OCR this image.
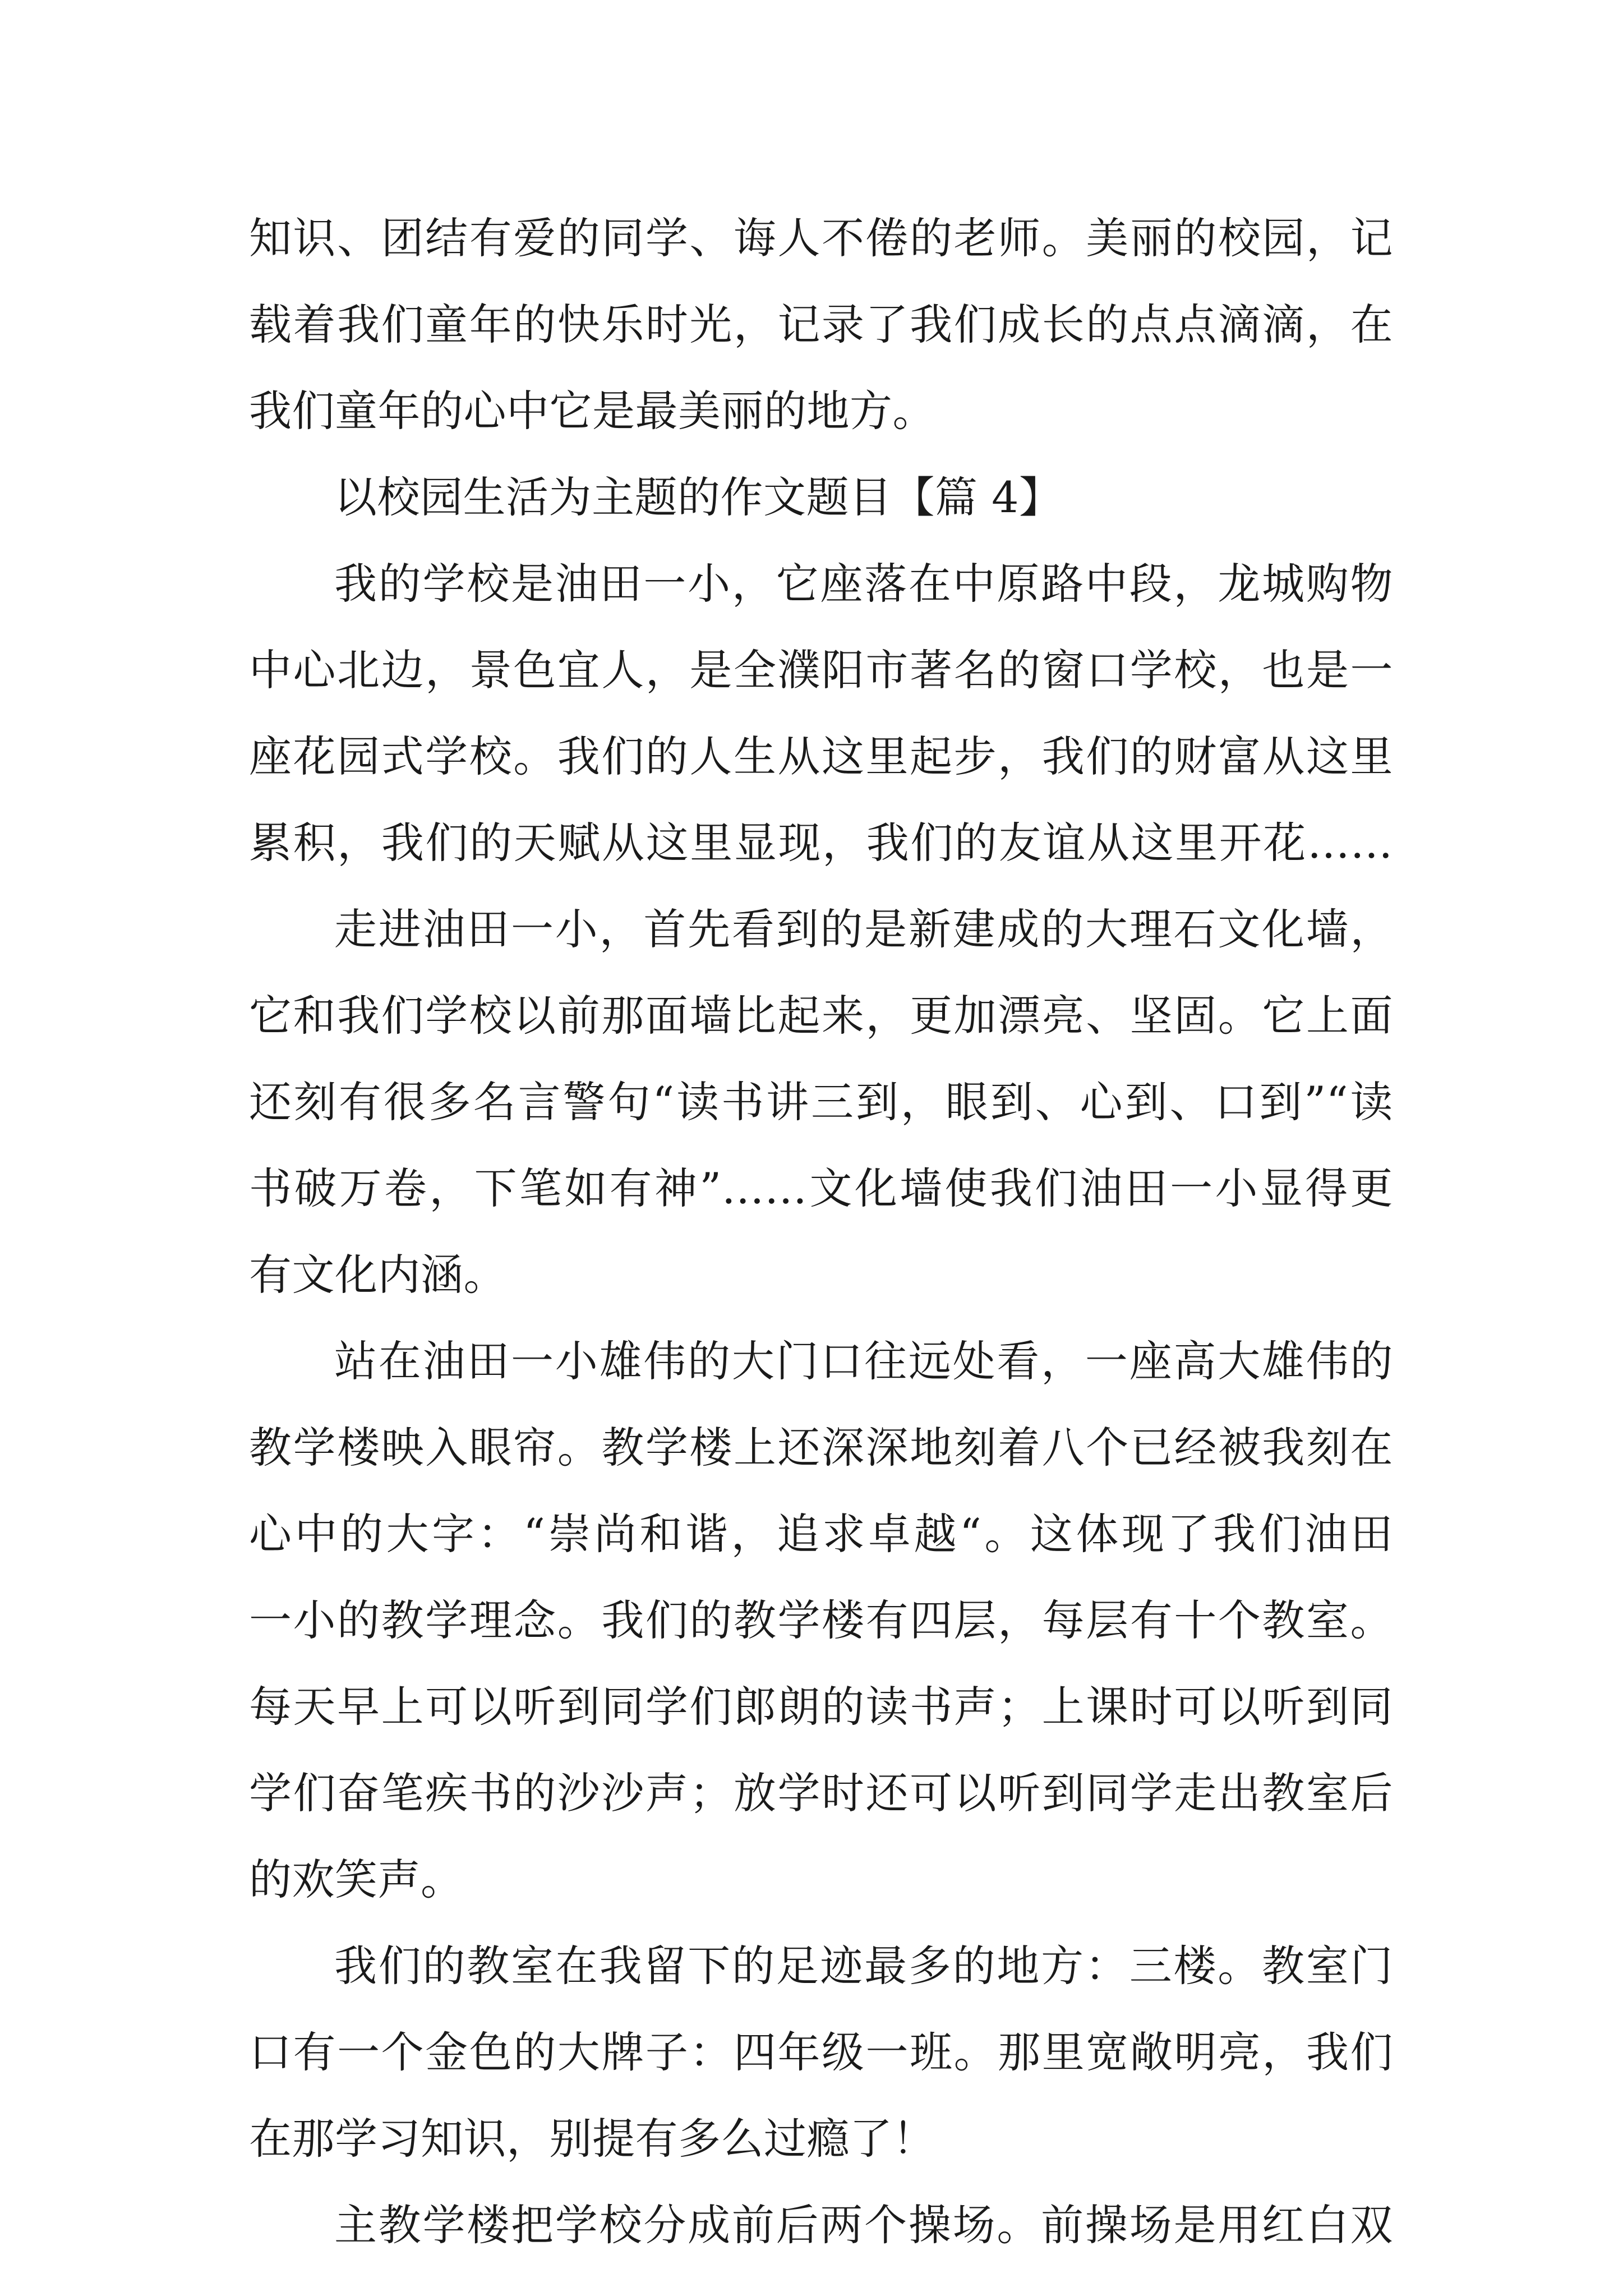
知识、团结有爱的同学、诲人不倦的老师。美丽的校园，记
载着我们童年的快乐时光，记录了我们成长的点点滴滴，在
我们童年的心中它是最美丽的地方。
以校园生活为主题的作文题目【篇 4】
我的学校是油田一小，它座落在中原路中段，龙城购物
中心北边，景色宜人，是全濮阳市著名的窗口学校，也是一
座花园式学校。我们的人生从这里起步，我们的财富从这里
累积，我们的天赋从这里显现，我们的友谊从这里开花……
走进油田一小，首先看到的是新建成的大理石文化墙，
它和我们学校以前那面墙比起来，更加漂亮、坚固。它上面
还刻有很多名言警句“读书讲三到，眼到、心到、口到”“读
书破万卷，下笔如有神”……文化墙使我们油田一小显得更
有文化内涵。
站在油田一小雄伟的大门口往远处看，一座高大雄伟的
教学楼映入眼帘。教学楼上还深深地刻着八个已经被我刻在
心中的大字：“崇尚和谐，追求卓越“。这体现了我们油田
一小的教学理念。我们的教学楼有四层，每层有十个教室。
每天早上可以听到同学们郎朗的读书声；上课时可以听到同
学们奋笔疾书的沙沙声；放学时还可以听到同学走出教室后
的欢笑声。
我们的教室在我留下的足迹最多的地方：三楼。教室门
口有一个金色的大牌子：四年级一班。那里宽敞明亮，我们
在那学习知识，别提有多么过瘾了！
主教学楼把学校分成前后两个操场。前操场是用红白双
